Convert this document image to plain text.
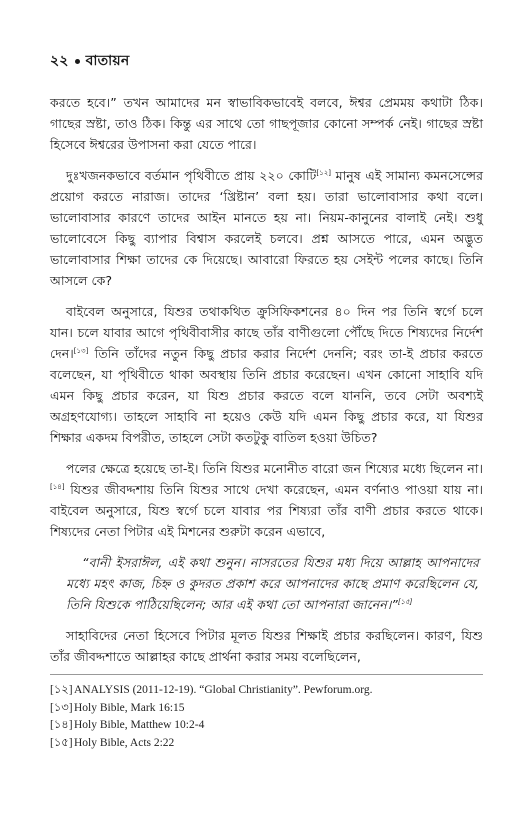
২২ বাতায়ন

করতে হবে।” তখন আমাদের মন স্বাভাবিকভাবেই বলবে, ঈশ্বর প্রেমময় কথাটা ঠিক। গাছের স্রষ্টা, তাও ঠিক। কিন্তু এর সাথে তো গাছপূজার কোনো সম্পর্ক নেই। গাছের স্রষ্টা হিসেবে ঈশ্বরের উপাসনা করা যেতে পারে।

দুঃখজনকভাবে বর্তমান পৃথিবীতে প্রায় ২২০ কোটি[১২] মানুষ এই সামান্য কমনসেন্সের প্রয়োগ করতে নারাজ। তাদের ‘খ্রিষ্টান’ বলা হয়। তারা ভালোবাসার কথা বলে। ভালোবাসার কারণে তাদের আইন মানতে হয় না। নিয়ম-কানুনের বালাই নেই। শুধু ভালোবেসে কিছু ব্যাপার বিশ্বাস করলেই চলবে। প্রশ্ন আসতে পারে, এমন অদ্ভুত ভালোবাসার শিক্ষা তাদের কে দিয়েছে। আবারো ফিরতে হয় সেইন্ট পলের কাছে। তিনি আসলে কে?

বাইবেল অনুসারে, যিশুর তথাকথিত ক্রুসিফিকশনের ৪০ দিন পর তিনি স্বর্গে চলে যান। চলে যাবার আগে পৃথিবীবাসীর কাছে তাঁর বাণীগুলো পৌঁছে দিতে শিষ্যদের নির্দেশ দেন।[১৩] তিনি তাঁদের নতুন কিছু প্রচার করার নির্দেশ দেননি; বরং তা-ই প্রচার করতে বলেছেন, যা পৃথিবীতে থাকা অবস্থায় তিনি প্রচার করেছেন। এখন কোনো সাহাবি যদি এমন কিছু প্রচার করেন, যা যিশু প্রচার করতে বলে যাননি, তবে সেটা অবশ্যই অগ্রহণযোগ্য। তাহলে সাহাবি না হয়েও কেউ যদি এমন কিছু প্রচার করে, যা যিশুর শিক্ষার একদম বিপরীত, তাহলে সেটা কতটুকু বাতিল হওয়া উচিত?

পলের ক্ষেত্রে হয়েছে তা-ই। তিনি যিশুর মনোনীত বারো জন শিষ্যের মধ্যে ছিলেন না।[১৪] যিশুর জীবদ্দশায় তিনি যিশুর সাথে দেখা করেছেন, এমন বর্ণনাও পাওয়া যায় না। বাইবেল অনুসারে, যিশু স্বর্গে চলে যাবার পর শিষ্যরা তাঁর বাণী প্রচার করতে থাকে। শিষ্যদের নেতা পিটার এই মিশনের শুরুটা করেন এভাবে,

“বানী ইসরাঈল, এই কথা শুনুন। নাসরতের যিশুর মধ্য দিয়ে আল্লাহ আপনাদের মধ্যে মহৎ কাজ, চিহ্ন ও কুদরত প্রকাশ করে আপনাদের কাছে প্রমাণ করেছিলেন যে, তিনি যিশুকে পাঠিয়েছিলেন; আর এই কথা তো আপনারা জানেন।”[১৫]

সাহাবিদের নেতা হিসেবে পিটার মূলত যিশুর শিক্ষাই প্রচার করছিলেন। কারণ, যিশু তাঁর জীবদ্দশাতে আল্লাহর কাছে প্রার্থনা করার সময় বলেছিলেন,

[১২]ANALYSIS (2011-12-19). “Global Christianity”. Pewforum.org.
[১৩]Holy Bible, Mark 16:15
[১৪]Holy Bible, Matthew 10:2-4
[১৫]Holy Bible, Acts 2:22
